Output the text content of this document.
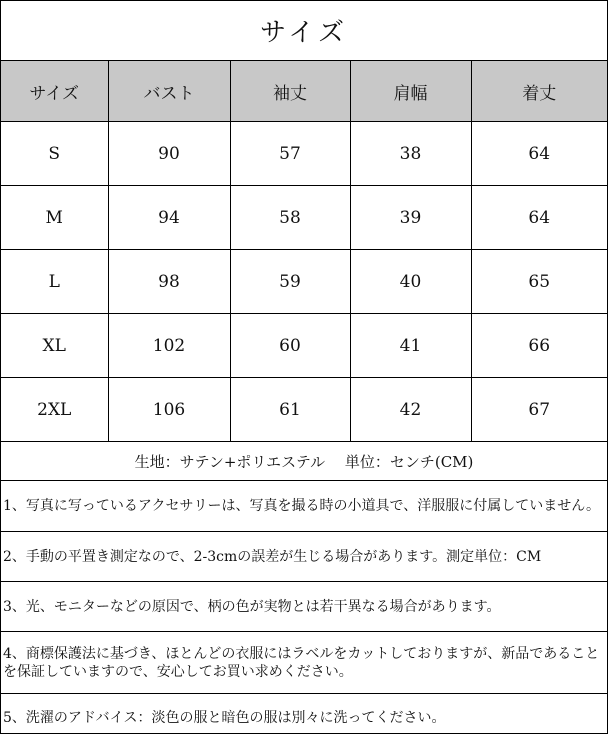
サイズ
サイズ	バスト	袖丈	肩幅	着丈
S	90	57	38	64
M	94	58	39	64
L	98	59	40	65
XL	102	60	41	66
2XL	106	61	42	67
生地：サテン+ポリエステル　 単位：センチ(CM)
1、写真に写っているアクセサリーは、写真を撮る時の小道具で、洋服服に付属していません。
2、手動の平置き測定なので、2-3cmの誤差が生じる場合があります。測定単位：CM
3、光、モニターなどの原因で、柄の色が実物とは若干異なる場合があります。
4、商標保護法に基づき、ほとんどの衣服にはラベルをカットしておりますが、新品であることを保証していますので、安心してお買い求めください。
5、洗濯のアドバイス：淡色の服と暗色の服は別々に洗ってください。
